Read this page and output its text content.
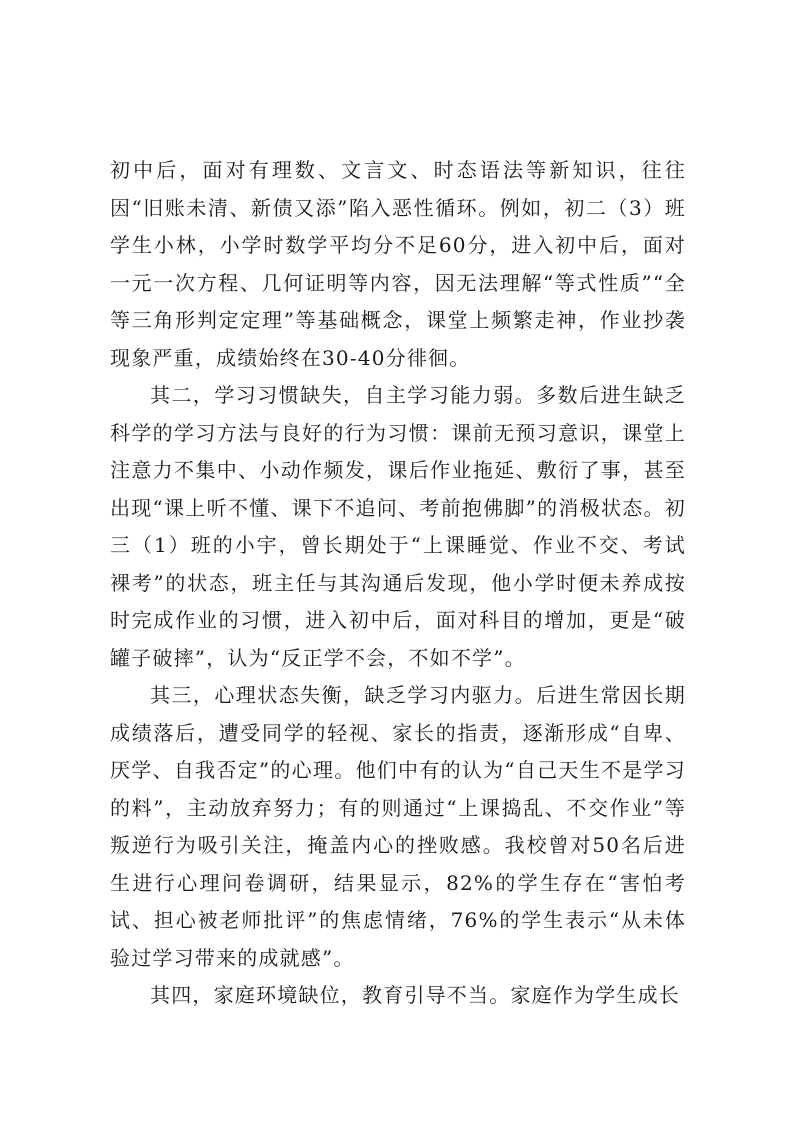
初中后，面对有理数、文言文、时态语法等新知识，往往因“旧账未清、新债又添”陷入恶性循环。例如，初二（3）班学生小林，小学时数学平均分不足60分，进入初中后，面对一元一次方程、几何证明等内容，因无法理解“等式性质”“全等三角形判定定理”等基础概念，课堂上频繁走神，作业抄袭现象严重，成绩始终在30-40分徘徊。

其二，学习习惯缺失，自主学习能力弱。多数后进生缺乏科学的学习方法与良好的行为习惯：课前无预习意识，课堂上注意力不集中、小动作频发，课后作业拖延、敷衍了事，甚至出现“课上听不懂、课下不追问、考前抱佛脚”的消极状态。初三（1）班的小宇，曾长期处于“上课睡觉、作业不交、考试裸考”的状态，班主任与其沟通后发现，他小学时便未养成按时完成作业的习惯，进入初中后，面对科目的增加，更是“破罐子破摔”，认为“反正学不会，不如不学”。

其三，心理状态失衡，缺乏学习内驱力。后进生常因长期成绩落后，遭受同学的轻视、家长的指责，逐渐形成“自卑、厌学、自我否定”的心理。他们中有的认为“自己天生不是学习的料”，主动放弃努力；有的则通过“上课捣乱、不交作业”等叛逆行为吸引关注，掩盖内心的挫败感。我校曾对50名后进生进行心理问卷调研，结果显示，82%的学生存在“害怕考试、担心被老师批评”的焦虑情绪，76%的学生表示“从未体验过学习带来的成就感”。

其四，家庭环境缺位，教育引导不当。家庭作为学生成长
